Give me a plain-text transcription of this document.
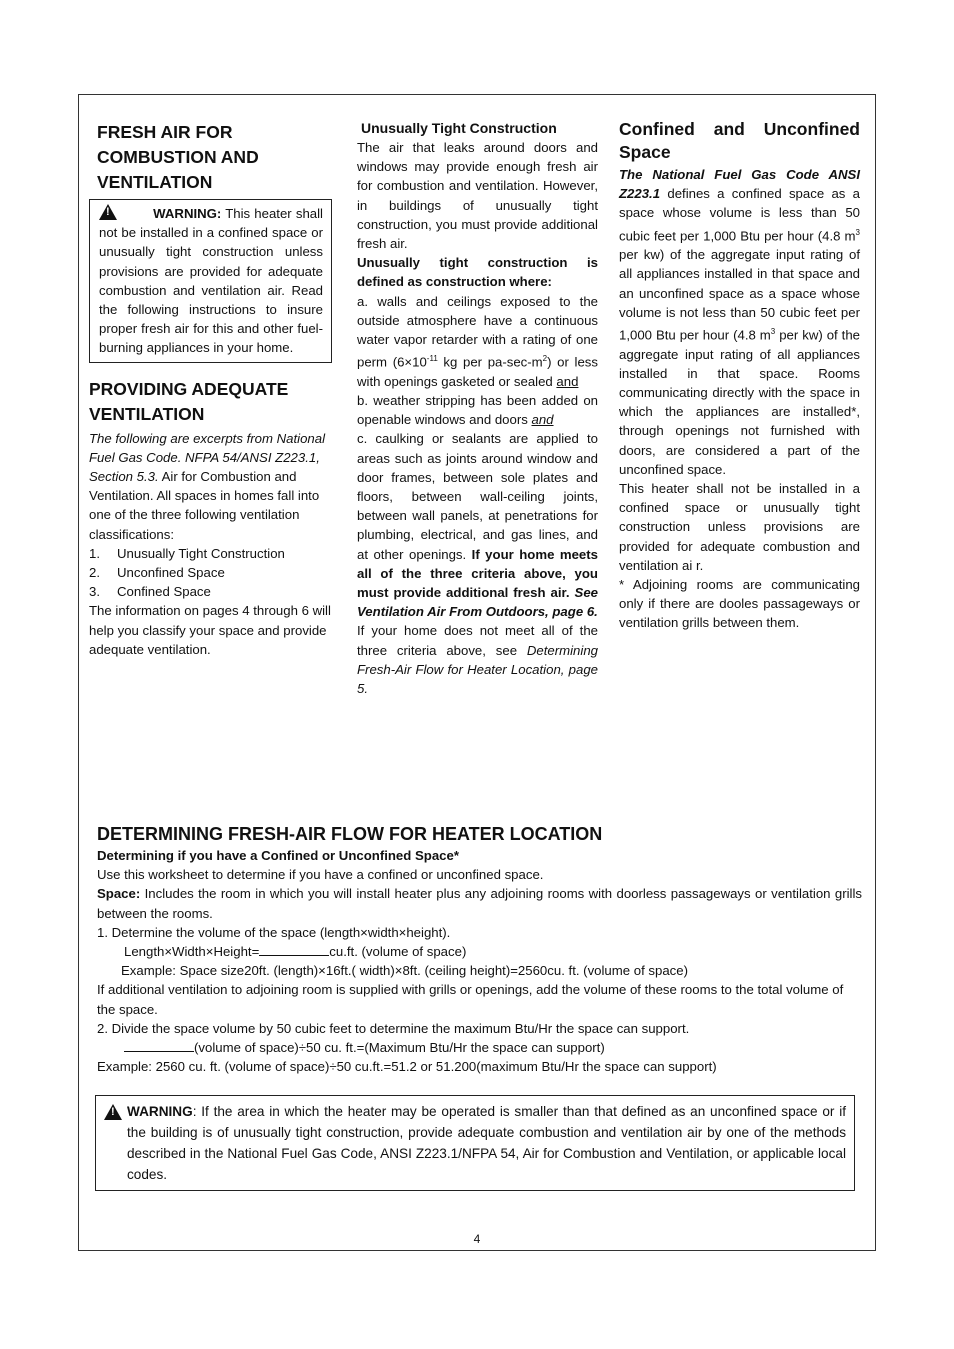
FRESH AIR FOR COMBUSTION AND VENTILATION

! WARNING: This heater shall not be installed in a confined space or unusually tight construction unless provisions are provided for adequate combustion and ventilation air. Read the following instructions to insure proper fresh air for this and other fuel-burning appliances in your home.

PROVIDING ADEQUATE VENTILATION

The following are excerpts from National Fuel Gas Code. NFPA 54/ANSI Z223.1, Section 5.3. Air for Combustion and Ventilation. All spaces in homes fall into one of the three following ventilation classifications:

1. Unusually Tight Construction
2. Unconfined Space
3. Confined Space

The information on pages 4 through 6 will help you classify your space and provide adequate ventilation.

Unusually Tight Construction

The air that leaks around doors and windows may provide enough fresh air for combustion and ventilation. However, in buildings of unusually tight construction, you must provide additional fresh air.

Unusually tight construction is defined as construction where:

a. walls and ceilings exposed to the outside atmosphere have a continuous water vapor retarder with a rating of one perm ($6\times 10^{-11}$ kg per $pa-\sec-m^2$) or less with openings gasketed or sealed and

b. weather stripping has been added on openable windows and doors and

c. caulking or sealants are applied to areas such as joints around window and door frames, between sole plates and floors, between wall-ceiling joints, between wall panels, at penetrations for plumbing, electrical, and gas lines, and at other openings. If your home meets all of the three criteria above, you must provide additional fresh air. See Ventilation Air From Outdoors, page 6.

If your home does not meet all of the three criteria above, see Determining Fresh-Air Flow for Heater Location, page 5.

Confined and Unconfined Space

The National Fuel Gas Code ANSI Z223.1 defines a confined space as a space whose volume is less than 50 cubic feet per 1,000 Btu per hour (4.8 $m^3$ per kw) of the aggregate input rating of all appliances installed in that space and an unconfined space as a space whose volume is not less than 50 cubic feet per 1,000 Btu per hour (4.8 $m^3$ per kw) of the aggregate input rating of all appliances installed in that space. Rooms communicating directly with the space in which the appliances are installed*, through openings not furnished with doors, are considered a part of the unconfined space.

This heater shall not be installed in a confined space or unusually tight construction unless provisions are provided for adequate combustion and ventilation ai r.

* Adjoining rooms are communicating only if there are dooles passageways or ventilation grills between them.

DETERMINING FRESH-AIR FLOW FOR HEATER LOCATION

Determining if you have a Confined or Unconfined Space*

Use this worksheet to determine if you have a confined or unconfined space.

Space: Includes the room in which you will install heater plus any adjoining rooms with doorless passageways or ventilation grills between the rooms.

1. Determine the volume of the space (length×width×height).

Length×Width×Height=	cu.ft. (volume of space)

Example: Space size20ft. (length)×16ft.( width)×8ft. (ceiling height)=2560cu. ft. (volume of space)

If additional ventilation to adjoining room is supplied with grills or openings, add the volume of these rooms to the total volume of the space.

2. Divide the space volume by 50 cubic feet to determine the maximum Btu/Hr the space can support.

(volume of space)÷50 cu. ft.=(Maximum Btu/Hr the space can support)

Example: 2560 cu. ft. (volume of space)÷50 cu.ft.=51.2 or 51.200(maximum Btu/Hr the space can support)

!

WARNING: If the area in which the heater may be operated is smaller than that defined as an unconfined space or if the building is of unusually tight construction, provide adequate combustion and ventilation air by one of the methods described in the National Fuel Gas Code, ANSI Z223.1/NFPA 54, Air for Combustion and Ventilation, or applicable local codes.

4
